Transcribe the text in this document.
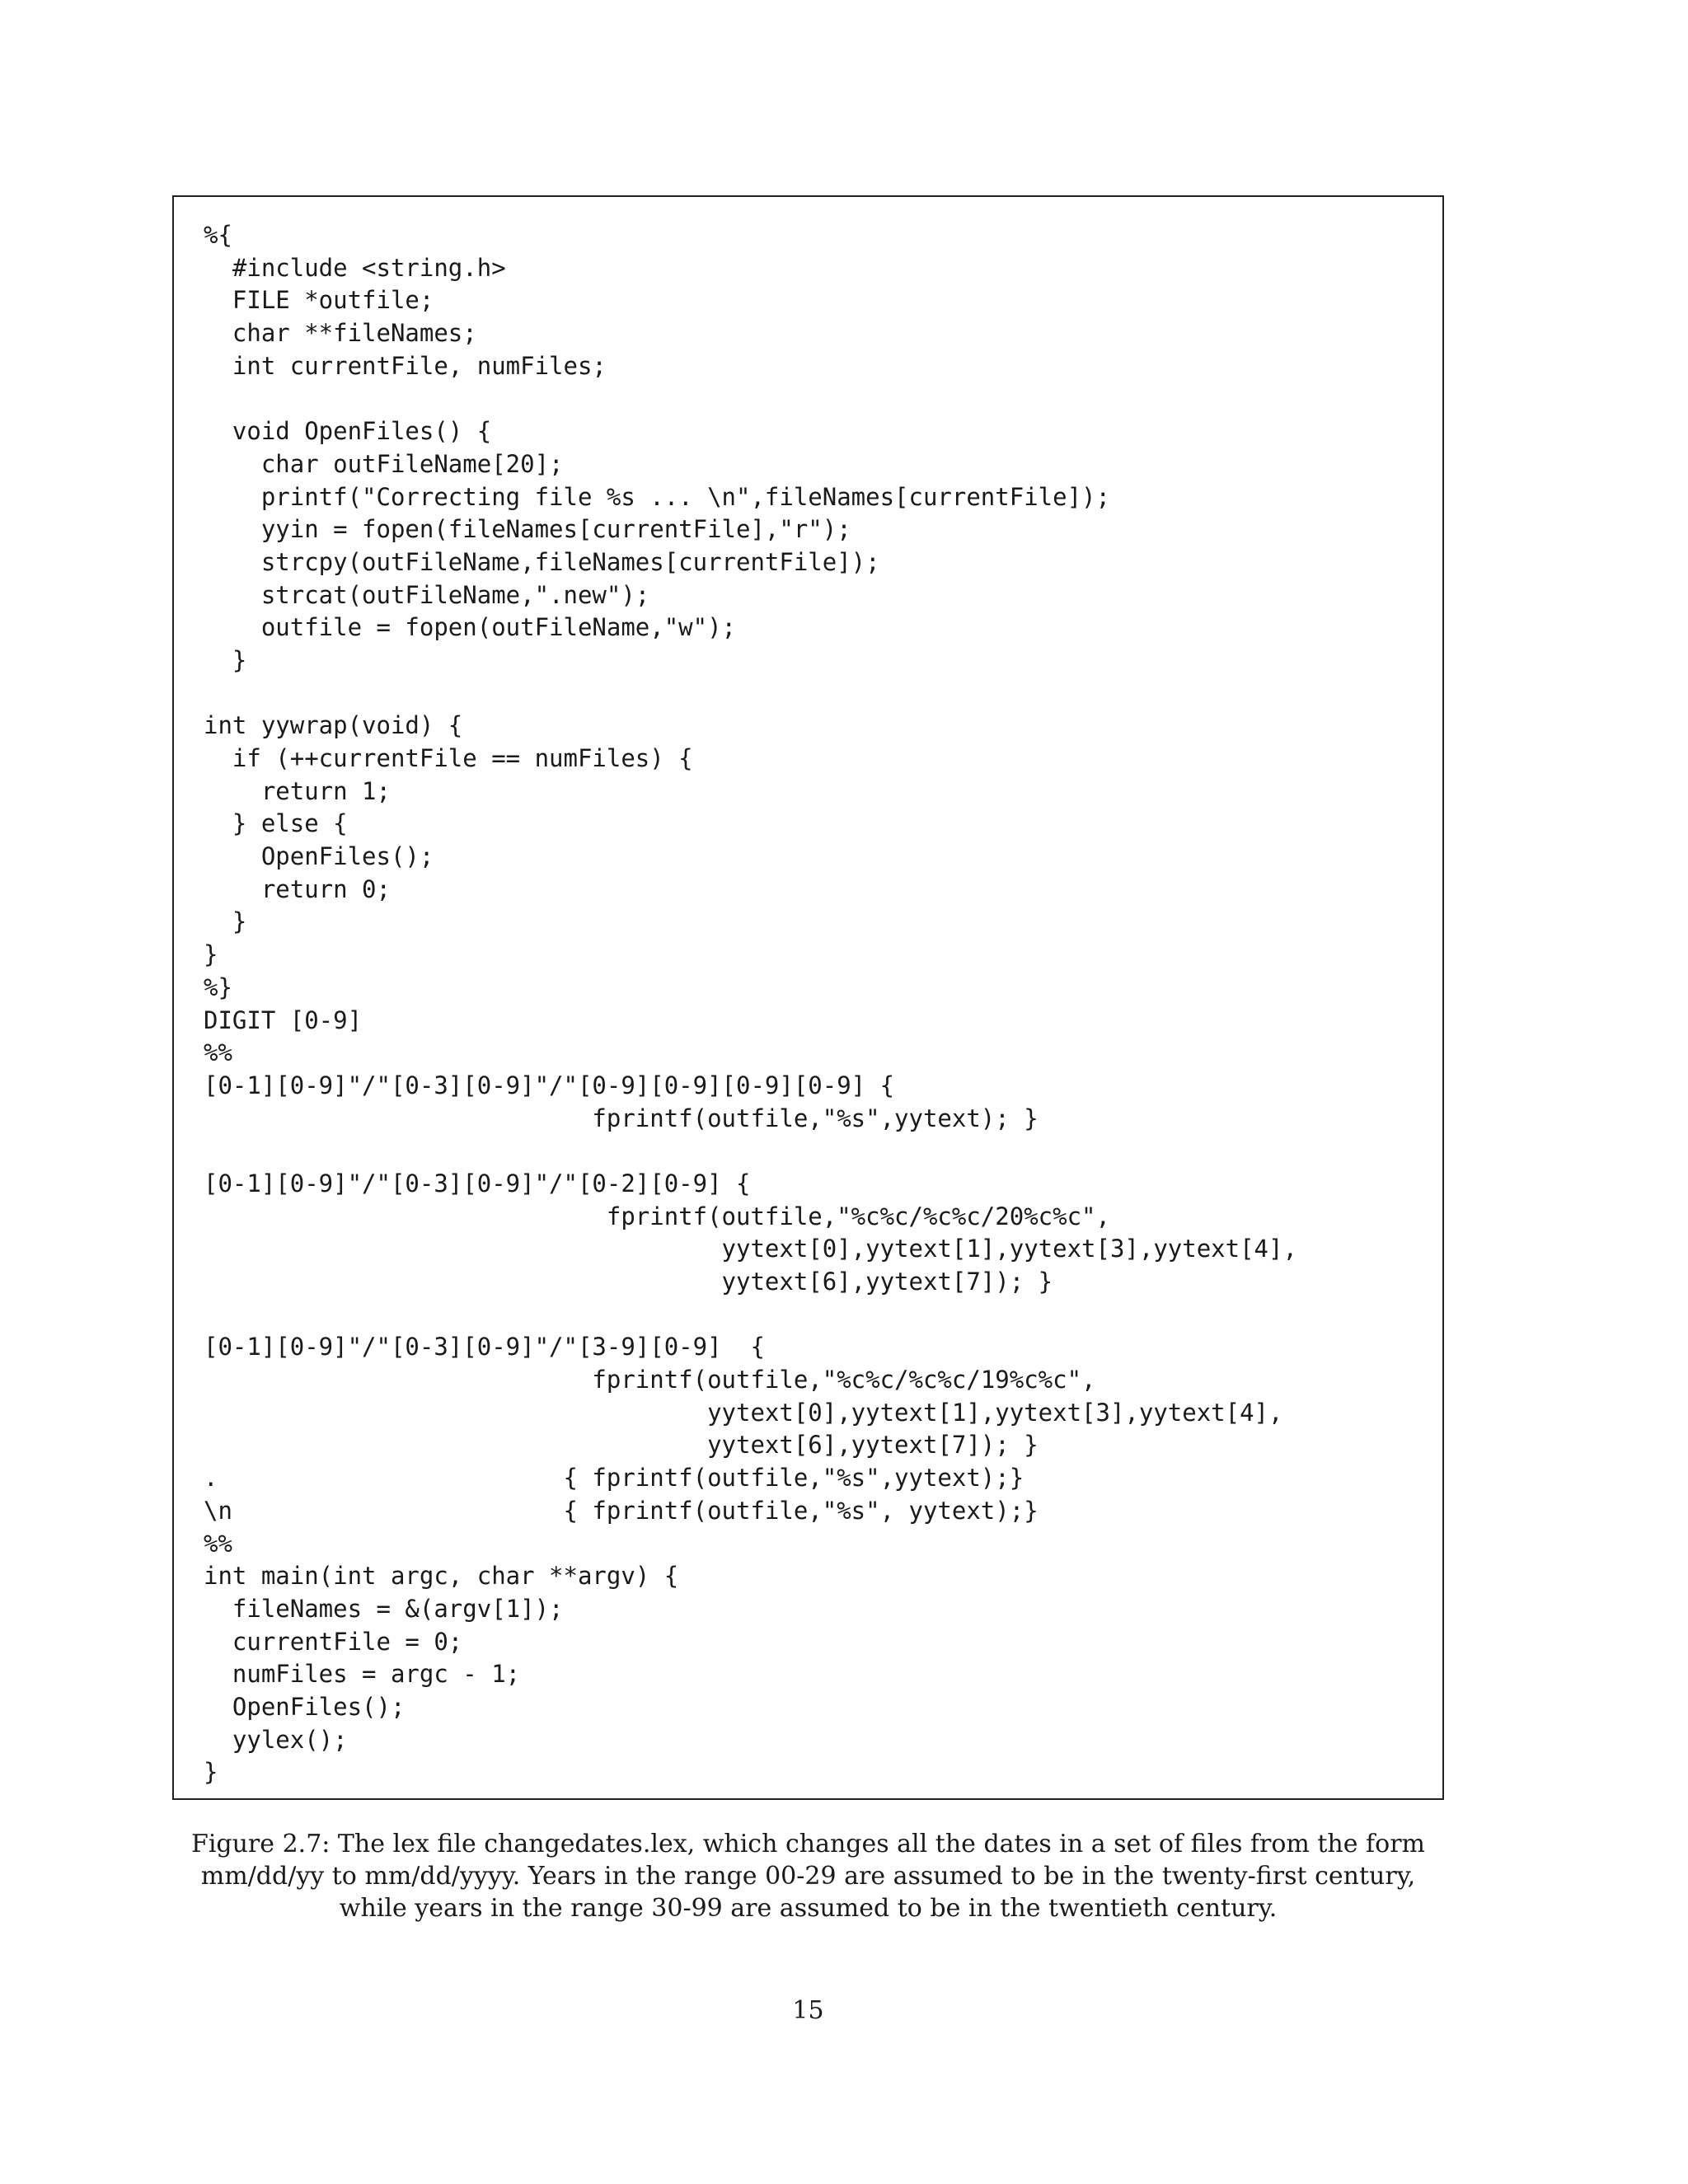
%{
#include <string.h>
FILE *outfile;
char **fileNames;
int currentFile, numFiles;
void OpenFiles() {
char outFileName[20];
printf("Correcting file %s ... \n",fileNames[currentFile]);
yyin = fopen(fileNames[currentFile],"r");
strcpy(outFileName,fileNames[currentFile]);
strcat(outFileName,".new");
outfile = fopen(outFileName,"w");
}
int yywrap(void) {
if (++currentFile == numFiles) {
return 1;
} else {
OpenFiles();
return 0;
}
}
%}
DIGIT [0-9]
%%
[0-1][0-9]"/"[0-3][0-9]"/"[0-9][0-9][0-9][0-9] {
fprintf(outfile,"%s",yytext); }
[0-1][0-9]"/"[0-3][0-9]"/"[0-2][0-9] {
fprintf(outfile,"%c%c/%c%c/20%c%c",
yytext[0],yytext[1],yytext[3],yytext[4],
yytext[6],yytext[7]); }
[0-1][0-9]"/"[0-3][0-9]"/"[3-9][0-9]  {
fprintf(outfile,"%c%c/%c%c/19%c%c",
yytext[0],yytext[1],yytext[3],yytext[4],
yytext[6],yytext[7]); }
.                        { fprintf(outfile,"%s",yytext);}
\n                       { fprintf(outfile,"%s", yytext);}
%%
int main(int argc, char **argv) {
fileNames = &(argv[1]);
currentFile = 0;
numFiles = argc - 1;
OpenFiles();
yylex();
}

Figure 2.7: The lex file changedates.lex, which changes all the dates in a set of files from the form mm/dd/yy to mm/dd/yyyy. Years in the range 00-29 are assumed to be in the twenty-first century, while years in the range 30-99 are assumed to be in the twentieth century.

15
